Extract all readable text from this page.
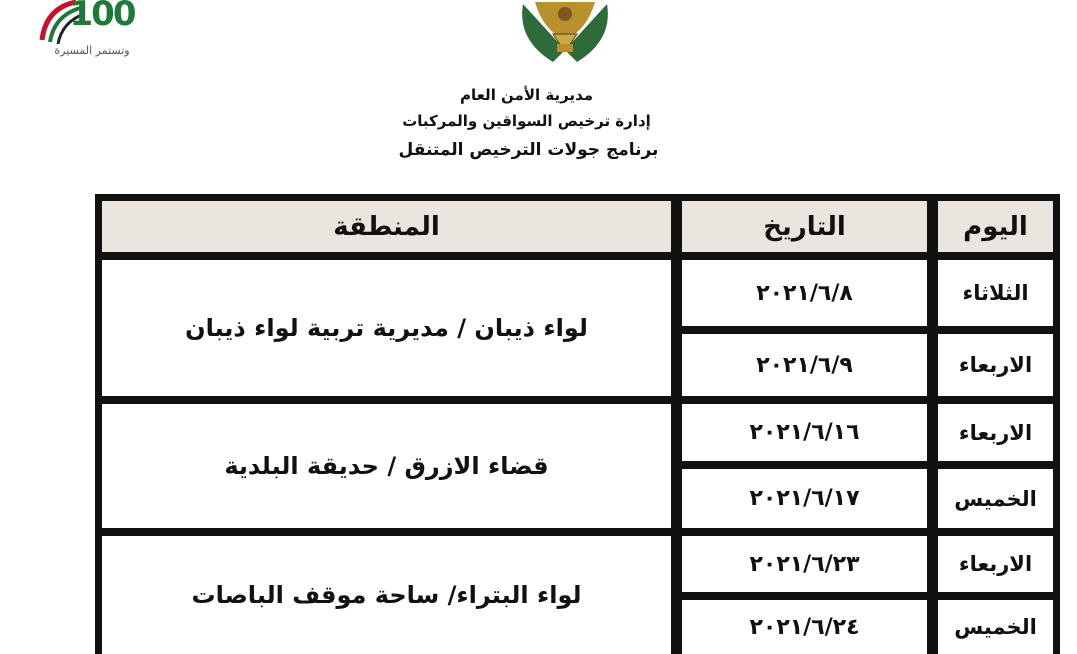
100
وتستمر المسيرة
مديرية الأمن العام
إدارة ترخيص السواقين والمركبات
برنامج جولات الترخيص المتنقل
المنطقة	التاريخ	اليوم
لواء ذيبان / مديرية تربية لواء ذيبان
٢٠٢١/٦/٨	الثلاثاء
٢٠٢١/٦/٩	الاربعاء
قضاء الازرق / حديقة البلدية
٢٠٢١/٦/١٦	الاربعاء
٢٠٢١/٦/١٧	الخميس
لواء البتراء/ ساحة موقف الباصات
٢٠٢١/٦/٢٣	الاربعاء
٢٠٢١/٦/٢٤	الخميس
